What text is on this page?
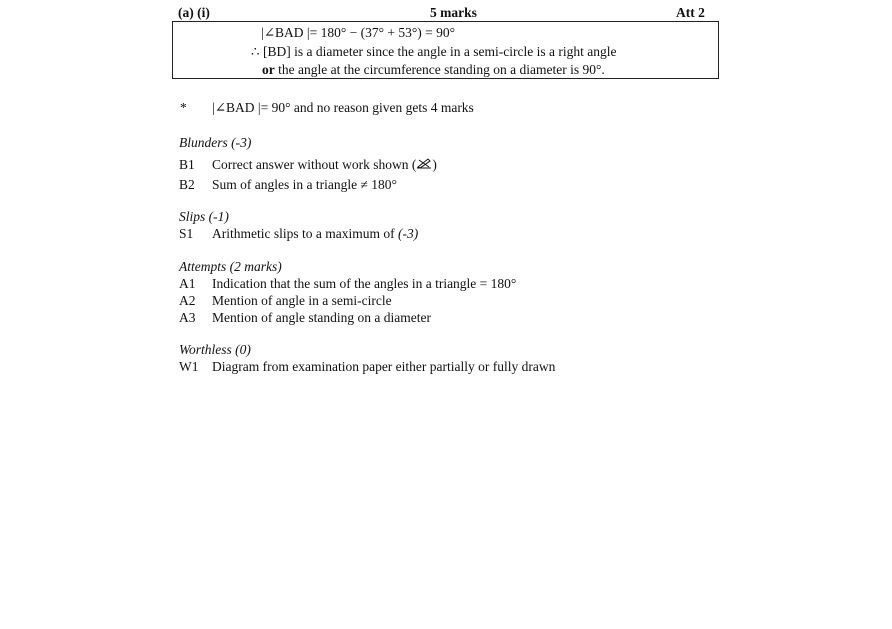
(a) (i)	5 marks	Att 2
|∠BAD |= 180° − (37° + 53°) = 90°
∴ [BD] is a diameter since the angle in a semi-circle is a right angle
or the angle at the circumference standing on a diameter is 90°.
* |∠BAD |= 90° and no reason given gets 4 marks
Blunders (-3)
B1 Correct answer without work shown ( )
B2 Sum of angles in a triangle ≠ 180°
Slips (-1)
S1 Arithmetic slips to a maximum of (-3)
Attempts (2 marks)
A1 Indication that the sum of the angles in a triangle = 180°
A2 Mention of angle in a semi-circle
A3 Mention of angle standing on a diameter
Worthless (0)
W1 Diagram from examination paper either partially or fully drawn
